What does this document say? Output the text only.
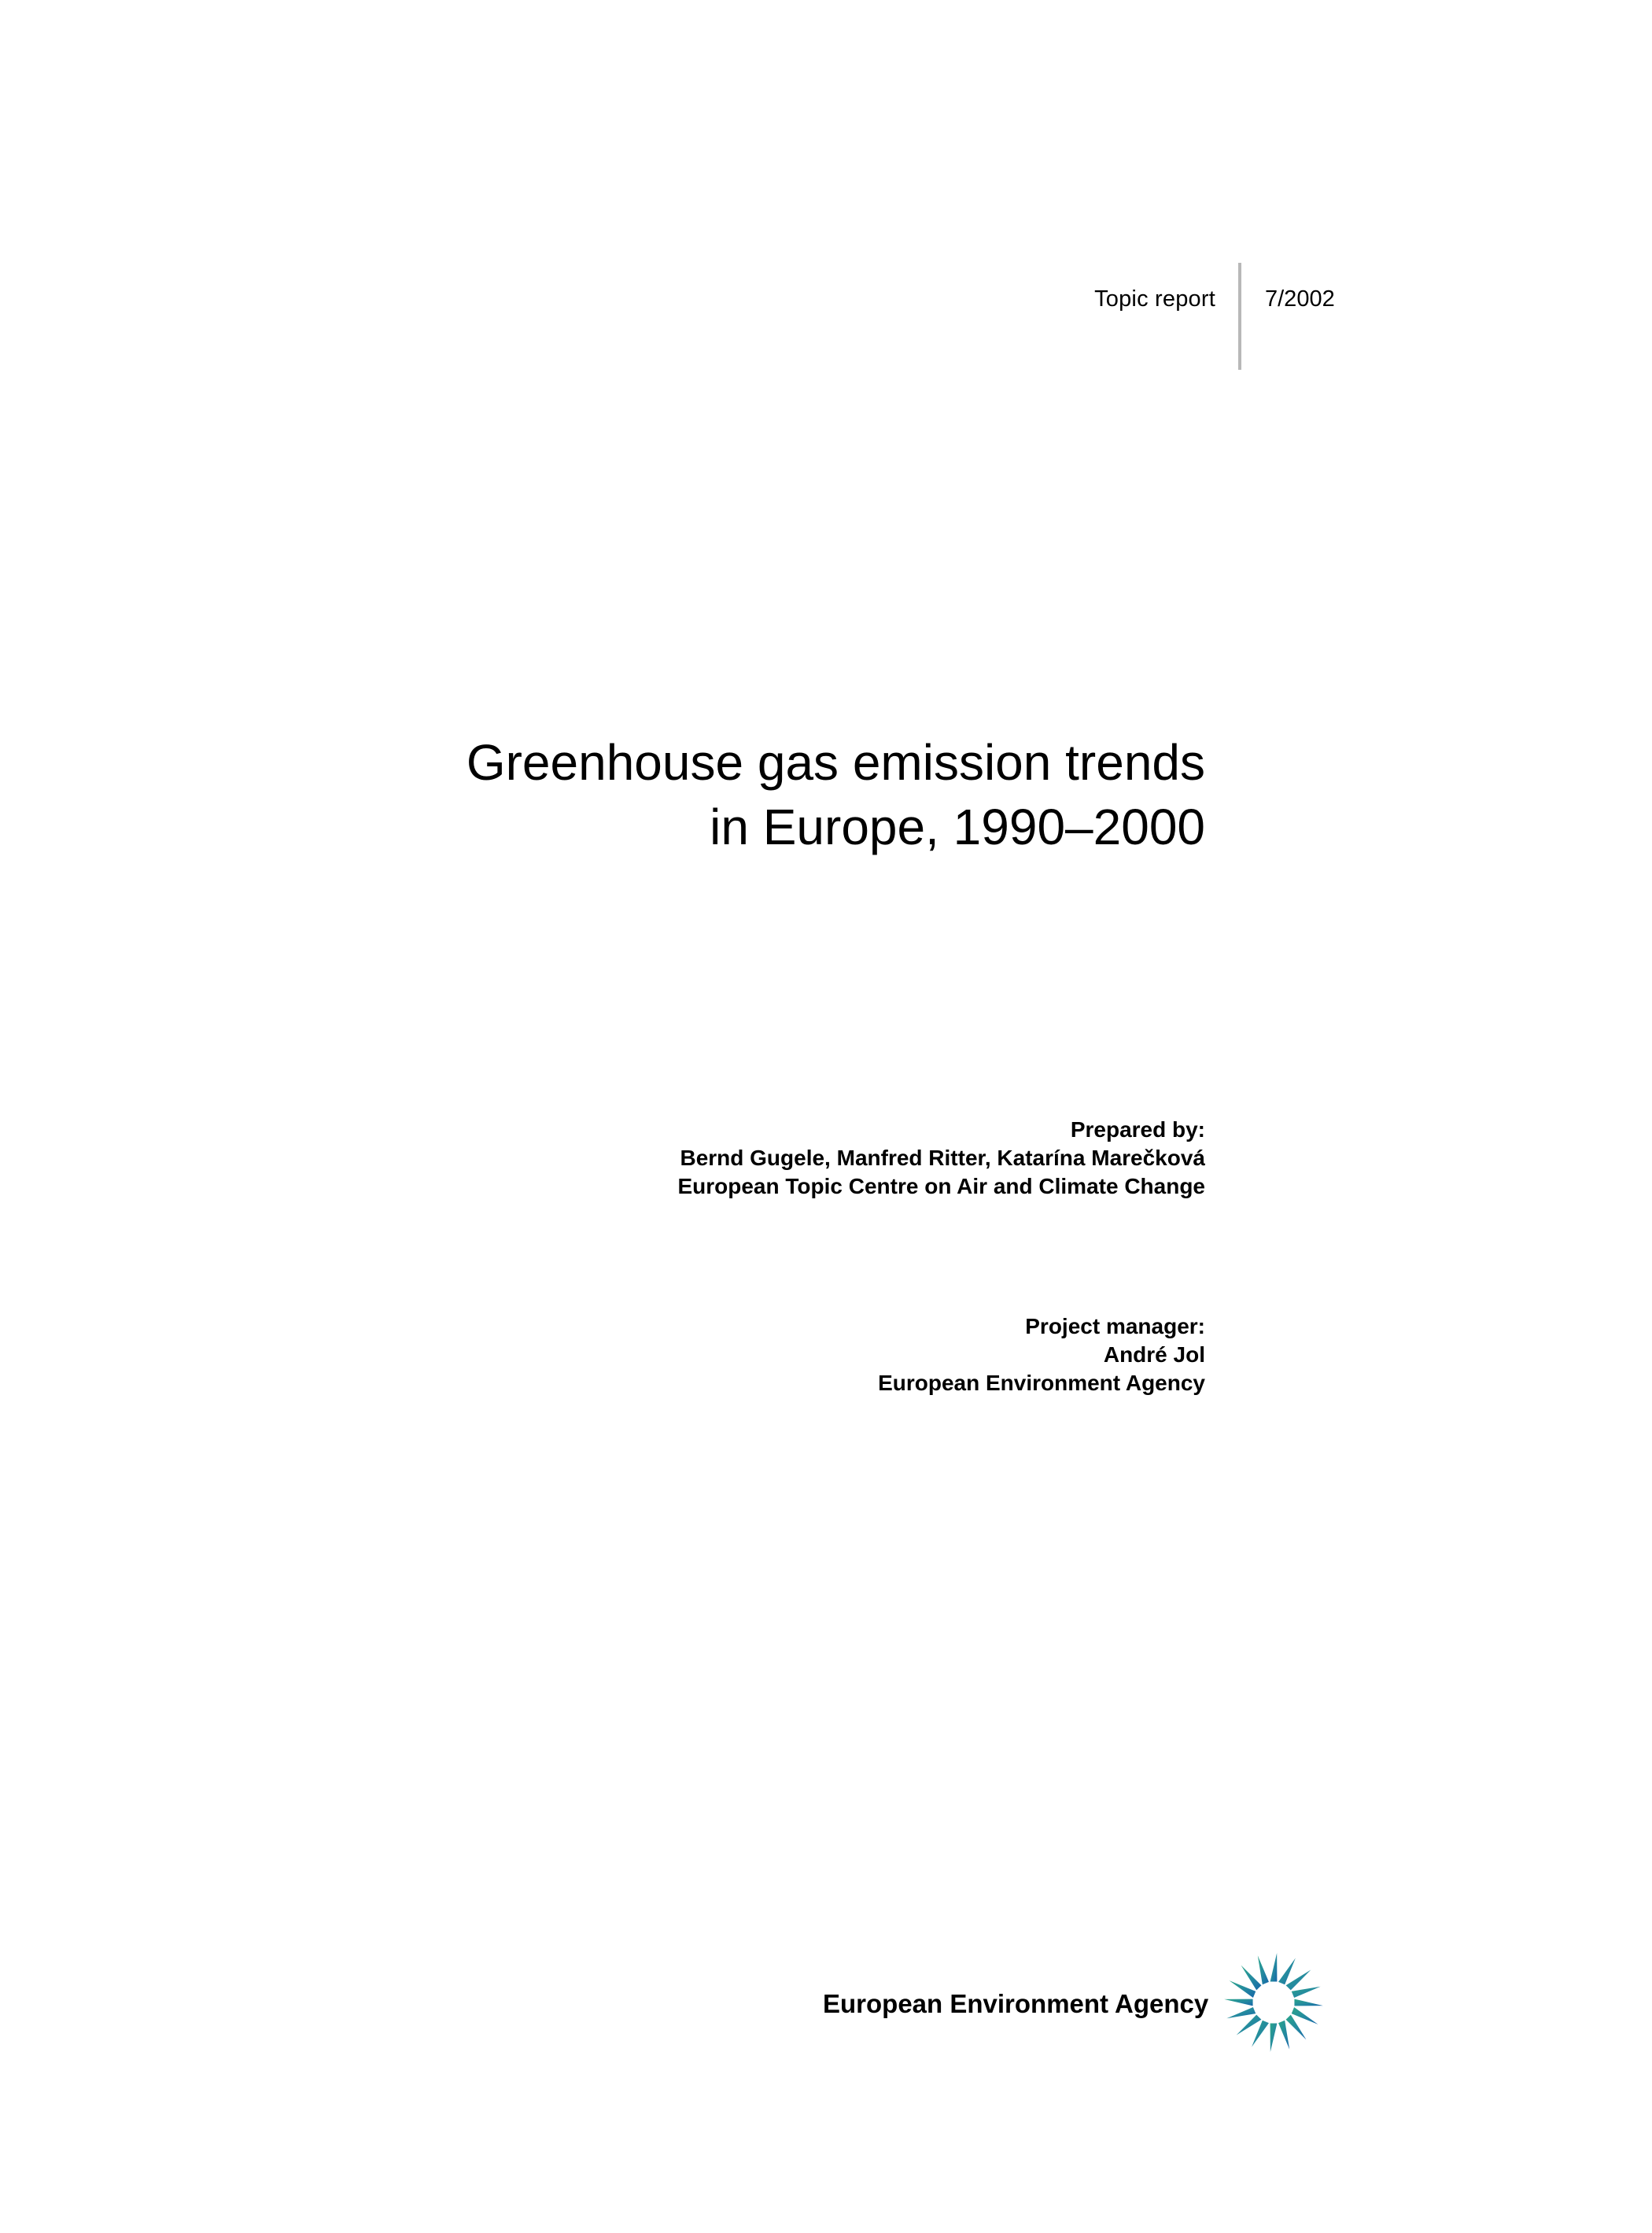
Topic report 7/2002
Greenhouse gas emission trends
in Europe, 1990–2000
Prepared by:
Bernd Gugele, Manfred Ritter, Katarína Marečková
European Topic Centre on Air and Climate Change
Project manager:
André Jol
European Environment Agency
European Environment Agency
